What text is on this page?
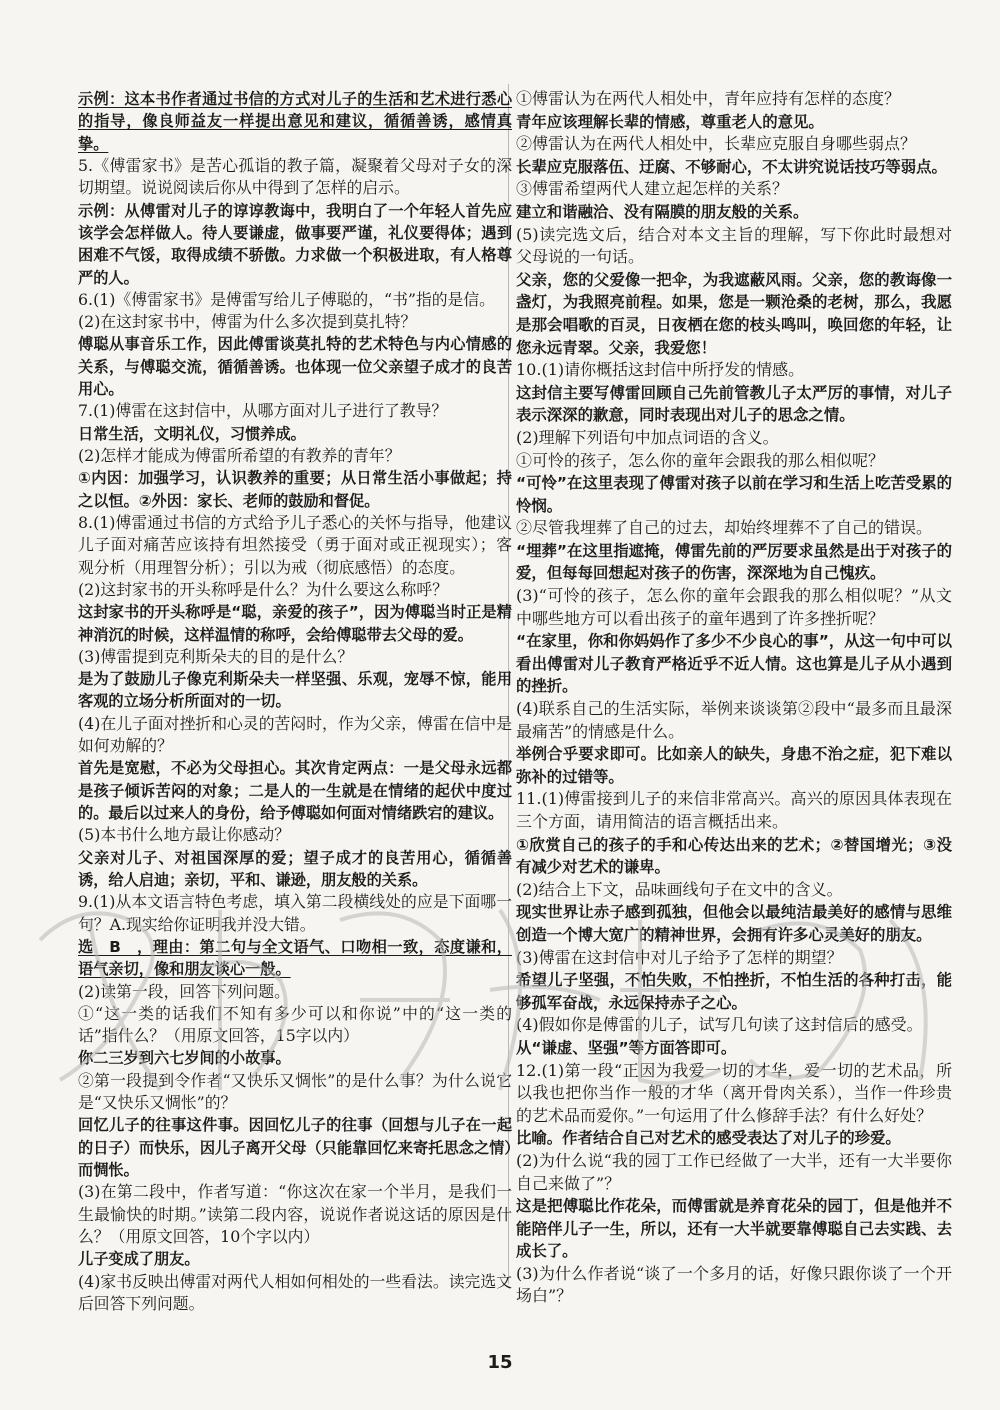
示例：这本书作者通过书信的方式对儿子的生活和艺术进行悉心的指导，像良师益友一样提出意见和建议，循循善诱，感情真挚。

5.《傅雷家书》是苦心孤诣的教子篇，凝聚着父母对子女的深切期望。说说阅读后你从中得到了怎样的启示。

示例：从傅雷对儿子的谆谆教诲中，我明白了一个年轻人首先应该学会怎样做人。待人要谦虚，做事要严谨，礼仪要得体；遇到困难不气馁，取得成绩不骄傲。力求做一个积极进取，有人格尊严的人。

6.(1)《傅雷家书》是傅雷写给儿子傅聪的，“书”指的是信。

(2)在这封家书中，傅雷为什么多次提到莫扎特？

傅聪从事音乐工作，因此傅雷谈莫扎特的艺术特色与内心情感的关系，与傅聪交流，循循善诱。也体现一位父亲望子成才的良苦用心。

7.(1)傅雷在这封信中，从哪方面对儿子进行了教导？

日常生活，文明礼仪，习惯养成。

(2)怎样才能成为傅雷所希望的有教养的青年？

①内因：加强学习，认识教养的重要；从日常生活小事做起；持之以恒。②外因：家长、老师的鼓励和督促。

8.(1)傅雷通过书信的方式给予儿子悉心的关怀与指导，他建议儿子面对痛苦应该持有坦然接受（勇于面对或正视现实）；客观分析（用理智分析）；引以为戒（彻底感悟）的态度。

(2)这封家书的开头称呼是什么？为什么要这么称呼？

这封家书的开头称呼是“聪，亲爱的孩子”，因为傅聪当时正是精神消沉的时候，这样温情的称呼，会给傅聪带去父母的爱。

(3)傅雷提到克利斯朵夫的目的是什么？

是为了鼓励儿子像克利斯朵夫一样坚强、乐观，宠辱不惊，能用客观的立场分析所面对的一切。

(4)在儿子面对挫折和心灵的苦闷时，作为父亲，傅雷在信中是如何劝解的？

首先是宽慰，不必为父母担心。其次肯定两点：一是父母永远都是孩子倾诉苦闷的对象；二是人的一生就是在情绪的起伏中度过的。最后以过来人的身份，给予傅聪如何面对情绪跌宕的建议。

(5)本书什么地方最让你感动？

父亲对儿子、对祖国深厚的爱；望子成才的良苦用心，循循善诱，给人启迪；亲切，平和、谦逊，朋友般的关系。

9.(1)从本文语言特色考虑，填入第二段横线处的应是下面哪一句？A.现实给你证明我并没大错。

选　B　，理由：第二句与全文语气、口吻相一致，态度谦和，语气亲切，像和朋友谈心一般。

(2)读第一段，回答下列问题。

①“这一类的话我们不知有多少可以和你说”中的“这一类的话”指什么？（用原文回答，15字以内）

你二三岁到六七岁间的小故事。

②第一段提到令作者“又快乐又惆怅”的是什么事？为什么说它是“又快乐又惆怅”的？

回忆儿子的往事这件事。因回忆儿子的往事（回想与儿子在一起的日子）而快乐，因儿子离开父母（只能靠回忆来寄托思念之情）而惆怅。

(3)在第二段中，作者写道：“你这次在家一个半月，是我们一生最愉快的时期。”读第二段内容，说说作者说这话的原因是什么？（用原文回答，10个字以内）

儿子变成了朋友。

(4)家书反映出傅雷对两代人相如何相处的一些看法。读完选文后回答下列问题。

①傅雷认为在两代人相处中，青年应持有怎样的态度？

青年应该理解长辈的情感，尊重老人的意见。

②傅雷认为在两代人相处中，长辈应克服自身哪些弱点？

长辈应克服落伍、迂腐、不够耐心，不太讲究说话技巧等弱点。

③傅雷希望两代人建立起怎样的关系？

建立和谐融洽、没有隔膜的朋友般的关系。

(5)读完选文后，结合对本文主旨的理解，写下你此时最想对父母说的一句话。

父亲，您的父爱像一把伞，为我遮蔽风雨。父亲，您的教诲像一盏灯，为我照亮前程。如果，您是一颗沧桑的老树，那么，我愿是那会唱歌的百灵，日夜栖在您的枝头鸣叫，唤回您的年轻，让您永远青翠。父亲，我爱您！

10.(1)请你概括这封信中所抒发的情感。

这封信主要写傅雷回顾自己先前管教儿子太严厉的事情，对儿子表示深深的歉意，同时表现出对儿子的思念之情。

(2)理解下列语句中加点词语的含义。

①可怜的孩子，怎么你的童年会跟我的那么相似呢？

“可怜”在这里表现了傅雷对孩子以前在学习和生活上吃苦受累的怜悯。

②尽管我埋葬了自己的过去，却始终埋葬不了自己的错误。

“埋葬”在这里指遮掩，傅雷先前的严厉要求虽然是出于对孩子的爱，但每每回想起对孩子的伤害，深深地为自己愧疚。

(3)“可怜的孩子，怎么你的童年会跟我的那么相似呢？”从文中哪些地方可以看出孩子的童年遇到了许多挫折呢？

“在家里，你和你妈妈作了多少不少良心的事”，从这一句中可以看出傅雷对儿子教育严格近乎不近人情。这也算是儿子从小遇到的挫折。

(4)联系自己的生活实际，举例来谈谈第②段中“最多而且最深最痛苦”的情感是什么。

举例合乎要求即可。比如亲人的缺失，身患不治之症，犯下难以弥补的过错等。

11.(1)傅雷接到儿子的来信非常高兴。高兴的原因具体表现在三个方面，请用简洁的语言概括出来。

①欣赏自己的孩子的手和心传达出来的艺术；②替国增光；③没有减少对艺术的谦卑。

(2)结合上下文，品味画线句子在文中的含义。

现实世界让赤子感到孤独，但他会以最纯洁最美好的感情与思维创造一个博大宽广的精神世界，会拥有许多心灵美好的朋友。

(3)傅雷在这封信中对儿子给予了怎样的期望？

希望儿子坚强，不怕失败，不怕挫折，不怕生活的各种打击，能够孤军奋战，永远保持赤子之心。

(4)假如你是傅雷的儿子，试写几句读了这封信后的感受。

从“谦虚、坚强”等方面答即可。

12.(1)第一段“正因为我爱一切的才华，爱一切的艺术品，所以我也把你当作一般的才华（离开骨肉关系），当作一件珍贵的艺术品而爱你。”一句运用了什么修辞手法？有什么好处？

比喻。作者结合自己对艺术的感受表达了对儿子的珍爱。

(2)为什么说“我的园丁工作已经做了一大半，还有一大半要你自己来做了”？

这是把傅聪比作花朵，而傅雷就是养育花朵的园丁，但是他并不能陪伴儿子一生，所以，还有一大半就要靠傅聪自己去实践、去成长了。

(3)为什么作者说“谈了一个多月的话，好像只跟你谈了一个开场白”？

15
